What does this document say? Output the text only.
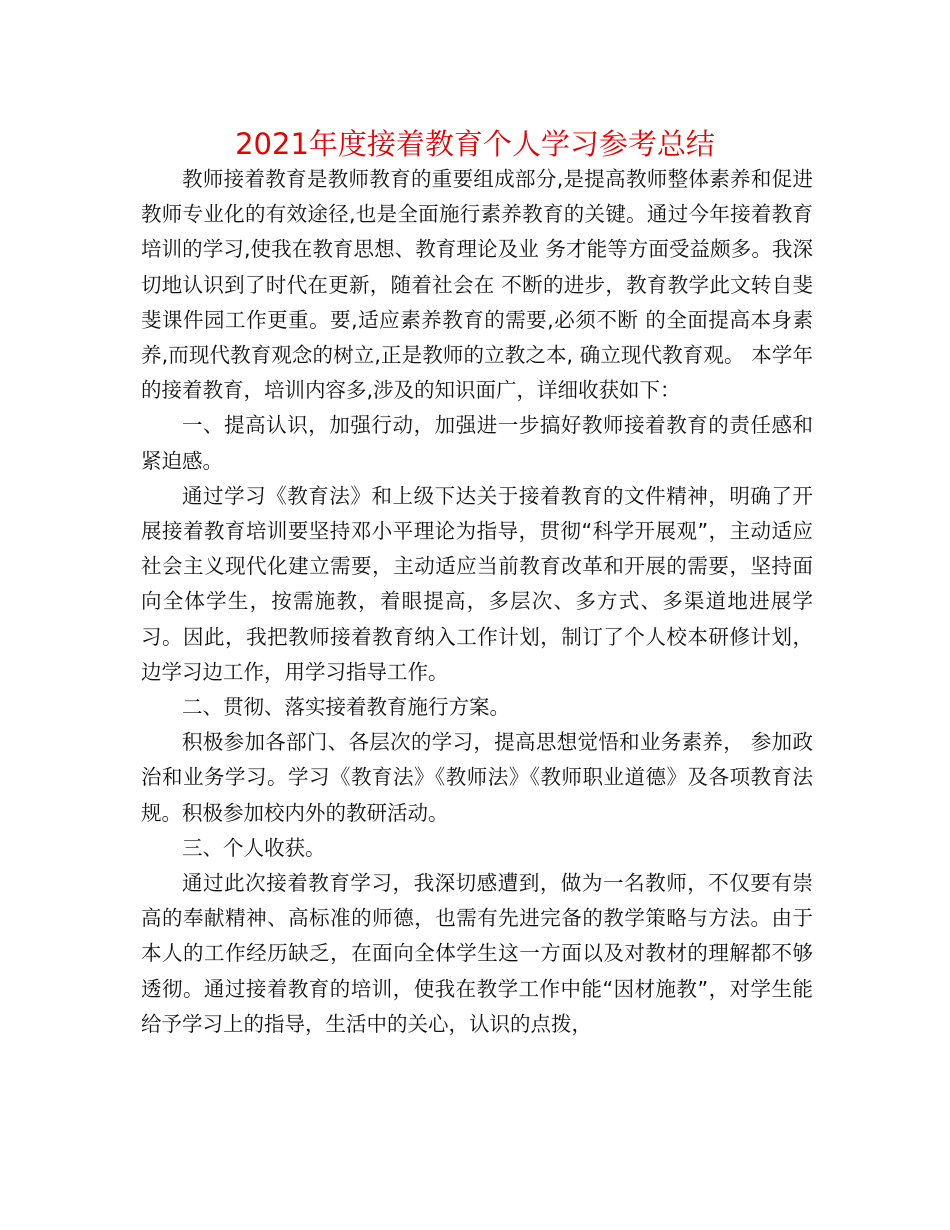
2021年度接着教育个人学习参考总结

教师接着教育是教师教育的重要组成部分,是提高教师整体素养和促进教师专业化的有效途径,也是全面施行素养教育的关键。通过今年接着教育培训的学习,使我在教育思想、教育理论及业 务才能等方面受益颇多。我深切地认识到了时代在更新，随着社会在 不断的进步，教育教学此文转自斐斐课件园工作更重。要,适应素养教育的需要,必须不断 的全面提高本身素养,而现代教育观念的树立,正是教师的立教之本, 确立现代教育观。 本学年的接着教育，培训内容多,涉及的知识面广，详细收获如下：

一、提高认识，加强行动，加强进一步搞好教师接着教育的责任感和紧迫感。

通过学习《教育法》和上级下达关于接着教育的文件精神，明确了开展接着教育培训要坚持邓小平理论为指导，贯彻“科学开展观”，主动适应社会主义现代化建立需要，主动适应当前教育改革和开展的需要，坚持面向全体学生，按需施教，着眼提高，多层次、多方式、多渠道地进展学习。因此，我把教师接着教育纳入工作计划，制订了个人校本研修计划，边学习边工作，用学习指导工作。

二、贯彻、落实接着教育施行方案。

积极参加各部门、各层次的学习，提高思想觉悟和业务素养， 参加政治和业务学习。学习《教育法》《教师法》《教师职业道德》及各项教育法规。积极参加校内外的教研活动。

三、个人收获。

通过此次接着教育学习，我深切感遭到，做为一名教师，不仅要有崇高的奉献精神、高标准的师德，也需有先进完备的教学策略与方法。由于本人的工作经历缺乏，在面向全体学生这一方面以及对教材的理解都不够透彻。通过接着教育的培训，使我在教学工作中能“因材施教”，对学生能给予学习上的指导，生活中的关心，认识的点拨，
